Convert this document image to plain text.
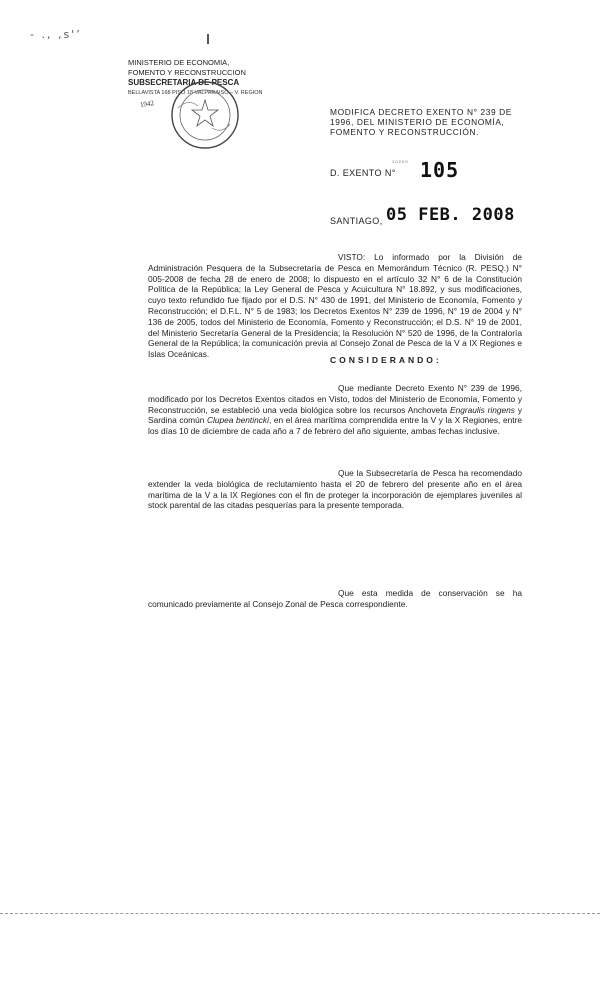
- ., ,s'’
MINISTERIO DE ECONOMIA,
FOMENTO Y RECONSTRUCCION
SUBSECRETARIA DE PESCA
BELLAVISTA 168 PISO 18 VALPARAISO – V. REGION
1942
MODIFICA DECRETO EXENTO N° 239 DE 1996, DEL MINISTERIO DE ECONOMÍA, FOMENTO Y RECONSTRUCCIÓN.
1 0 2 0 0
D. EXENTO N° 105
SANTIAGO, 05 FEB. 2008
VISTO: Lo informado por la División de Administración Pesquera de la Subsecretaría de Pesca en Memorándum Técnico (R. PESQ.) N° 005-2008 de fecha 28 de enero de 2008; lo dispuesto en el artículo 32 N° 6 de la Constitución Política de la República; la Ley General de Pesca y Acuicultura N° 18.892, y sus modificaciones, cuyo texto refundido fue fijado por el D.S. N° 430 de 1991, del Ministerio de Economía, Fomento y Reconstrucción; el D.F.L. N° 5 de 1983; los Decretos Exentos N° 239 de 1996, N° 19 de 2004 y N° 136 de 2005, todos del Ministerio de Economía, Fomento y Reconstrucción; el D.S. N° 19 de 2001, del Ministerio Secretaría General de la Presidencia; la Resolución N° 520 de 1996, de la Contraloría General de la República; la comunicación previa al Consejo Zonal de Pesca de la V a IX Regiones e Islas Oceánicas.
CONSIDERANDO:
Que mediante Decreto Exento N° 239 de 1996, modificado por los Decretos Exentos citados en Visto, todos del Ministerio de Economía, Fomento y Reconstrucción, se estableció una veda biológica sobre los recursos Anchoveta Engraulis ringens y Sardina común Clupea bentincki, en el área marítima comprendida entre la V y la X Regiones, entre los días 10 de diciembre de cada año a 7 de febrero del año siguiente, ambas fechas inclusive.
Que la Subsecretaría de Pesca ha recomendado extender la veda biológica de reclutamiento hasta el 20 de febrero del presente año en el área marítima de la V a la IX Regiones con el fin de proteger la incorporación de ejemplares juveniles al stock parental de las citadas pesquerías para la presente temporada.
Que esta medida de conservación se ha comunicado previamente al Consejo Zonal de Pesca correspondiente.
